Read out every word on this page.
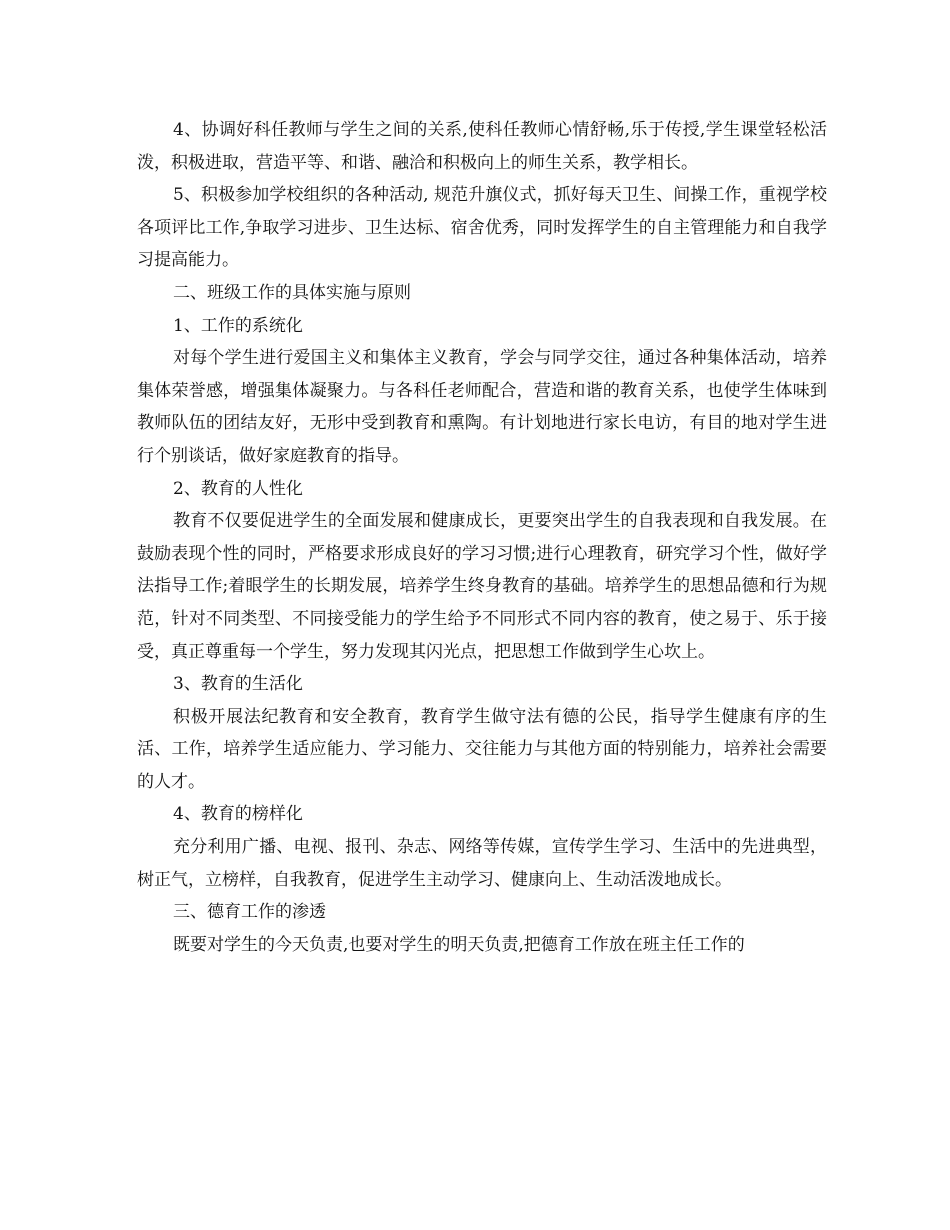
4、协调好科任教师与学生之间的关系,使科任教师心情舒畅,乐于传授,学生课堂轻松活泼，积极进取，营造平等、和谐、融洽和积极向上的师生关系，教学相长。

5、积极参加学校组织的各种活动, 规范升旗仪式，抓好每天卫生、间操工作，重视学校各项评比工作,争取学习进步、卫生达标、宿舍优秀，同时发挥学生的自主管理能力和自我学习提高能力。

二、班级工作的具体实施与原则

1、工作的系统化

对每个学生进行爱国主义和集体主义教育，学会与同学交往，通过各种集体活动，培养集体荣誉感，增强集体凝聚力。与各科任老师配合，营造和谐的教育关系，也使学生体味到教师队伍的团结友好，无形中受到教育和熏陶。有计划地进行家长电访，有目的地对学生进行个别谈话，做好家庭教育的指导。

2、教育的人性化

教育不仅要促进学生的全面发展和健康成长，更要突出学生的自我表现和自我发展。在鼓励表现个性的同时，严格要求形成良好的学习习惯;进行心理教育，研究学习个性，做好学法指导工作;着眼学生的长期发展，培养学生终身教育的基础。培养学生的思想品德和行为规范，针对不同类型、不同接受能力的学生给予不同形式不同内容的教育，使之易于、乐于接受，真正尊重每一个学生，努力发现其闪光点，把思想工作做到学生心坎上。

3、教育的生活化

积极开展法纪教育和安全教育，教育学生做守法有德的公民，指导学生健康有序的生活、工作，培养学生适应能力、学习能力、交往能力与其他方面的特别能力，培养社会需要的人才。

4、教育的榜样化

充分利用广播、电视、报刊、杂志、网络等传媒，宣传学生学习、生活中的先进典型，树正气，立榜样，自我教育，促进学生主动学习、健康向上、生动活泼地成长。

三、德育工作的渗透

既要对学生的今天负责,也要对学生的明天负责,把德育工作放在班主任工作的
